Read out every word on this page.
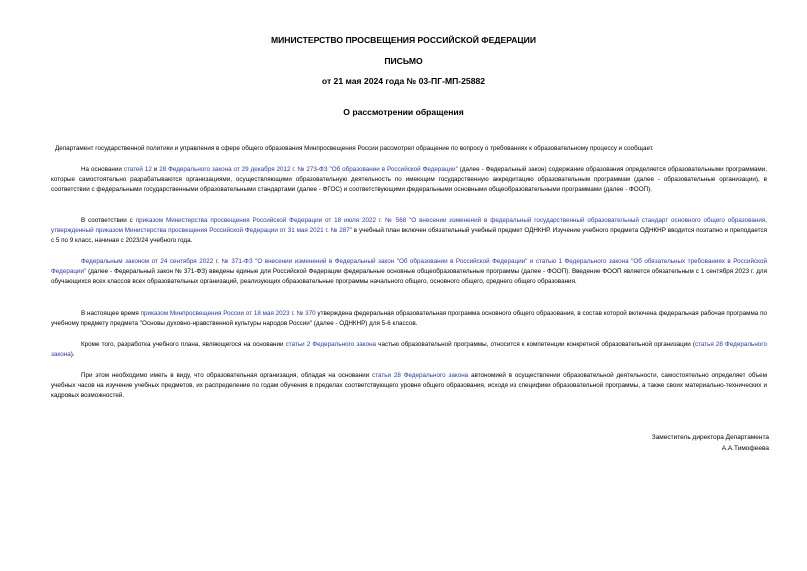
МИНИСТЕРСТВО ПРОСВЕЩЕНИЯ РОССИЙСКОЙ ФЕДЕРАЦИИ
ПИСЬМО
от 21 мая 2024 года № 03-ПГ-МП-25882
О рассмотрении обращения

Департамент государственной политики и управления в сфере общего образования Минпросвещения России рассмотрел обращение по вопросу о требованиях к образовательному процессу и сообщает.

На основании статей 12 и 28 Федерального закона от 29 декабря 2012 г. № 273-ФЗ "Об образовании в Российской Федерации" (далее - Федеральный закон) содержание образования определяется образовательными программами, которые самостоятельно разрабатываются организациями, осуществляющими образовательную деятельность по имеющим государственную аккредитацию образовательным программам (далее - образовательные организации), в соответствии с федеральными государственными образовательными стандартами (далее - ФГОС) и соответствующими федеральными основными общеобразовательными программами (далее - ФООП).

В соответствии с приказом Министерства просвещения Российской Федерации от 18 июля 2022 г. № 568 "О внесении изменений в федеральный государственный образовательный стандарт основного общего образования, утвержденный приказом Министерства просвещения Российской Федерации от 31 мая 2021 г. № 287" в учебный план включен обязательный учебный предмет ОДНКНР. Изучение учебного предмета ОДНКНР вводится поэтапно и преподается с 5 по 9 класс, начиная с 2023/24 учебного года.

Федеральным законом от 24 сентября 2022 г. № 371-ФЗ "О внесении изменений в Федеральный закон "Об образовании в Российской Федерации" и статью 1 Федерального закона "Об обязательных требованиях в Российской Федерации" (далее - Федеральный закон № 371-ФЗ) введены единые для Российской Федерации федеральные основные общеобразовательные программы (далее - ФООП). Введение ФООП является обязательным с 1 сентября 2023 г. для обучающихся всех классов всех образовательных организаций, реализующих образовательные программы начального общего, основного общего, среднего общего образования.

В настоящее время приказом Минпросвещения России от 18 мая 2023 г. № 370 утверждена федеральная образовательная программа основного общего образования, в состав которой включена федеральная рабочая программа по учебному предмету предмета "Основы духовно-нравственной культуры народов России" (далее - ОДНКНР) для 5-6 классов.

Кроме того, разработка учебного плана, являющегося на основании статьи 2 Федерального закона частью образовательной программы, относится к компетенции конкретной образовательной организации (статья 28 Федерального закона).

При этом необходимо иметь в виду, что образовательная организация, обладая на основании статьи 28 Федерального закона автономией в осуществлении образовательной деятельности, самостоятельно определяет объем учебных часов на изучение учебных предметов, их распределение по годам обучения в пределах соответствующего уровня общего образования, исходя из специфики образовательной программы, а также своих материально-технических и кадровых возможностей.

Заместитель директора Департамента
А.А.Тимофеева
